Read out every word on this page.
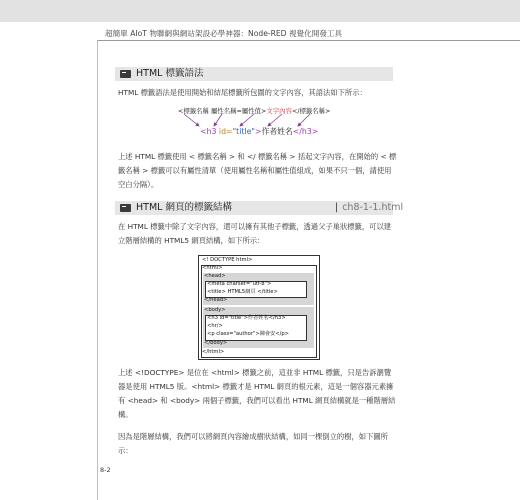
超簡單 AIoT 物聯網與網站架設必學神器：Node-RED 視覺化開發工具
HTML 標籤語法
HTML 標籤語法是使用開始和結尾標籤所包圍的文字內容，其語法如下所示：
<標籤名稱 屬性名稱=屬性值>文字內容</標籤名稱>
<h3 id="title">作者姓名</h3>
上述 HTML 標籤使用 < 標籤名稱 > 和 </ 標籤名稱 > 括起文字內容，在開始的 < 標籤名稱 > 標籤可以有屬性清單（使用屬性名稱和屬性值組成，如果不只一個，請使用空白分隔）。
HTML 網頁的標籤結構	| ch8-1-1.html
在 HTML 標籤中除了文字內容，還可以擁有其他子標籤，透過父子巢狀標籤，可以建立階層結構的 HTML5 網頁結構，如下所示：
<! DOCTYPE html>
<html>
<head>
<meta charset="utf-8">
<title> HTML5網頁 </title>
</head>
<body>
<h3 id="title">作者姓名</h3>
<hr/>
<p class="author">陳會安</p>
</body>
</html>
上述 <!DOCTYPE> 是位在 <html> 標籤之前，這並非 HTML 標籤，只是告訴瀏覽器是使用 HTML5 版。<html> 標籤才是 HTML 網頁的根元素，這是一個容器元素擁有 <head> 和 <body> 兩個子標籤，我們可以看出 HTML 網頁結構就是一種階層結構。
因為是階層結構，我們可以將網頁內容繪成樹狀結構，如同一棵倒立的樹，如下圖所示：
8-2
